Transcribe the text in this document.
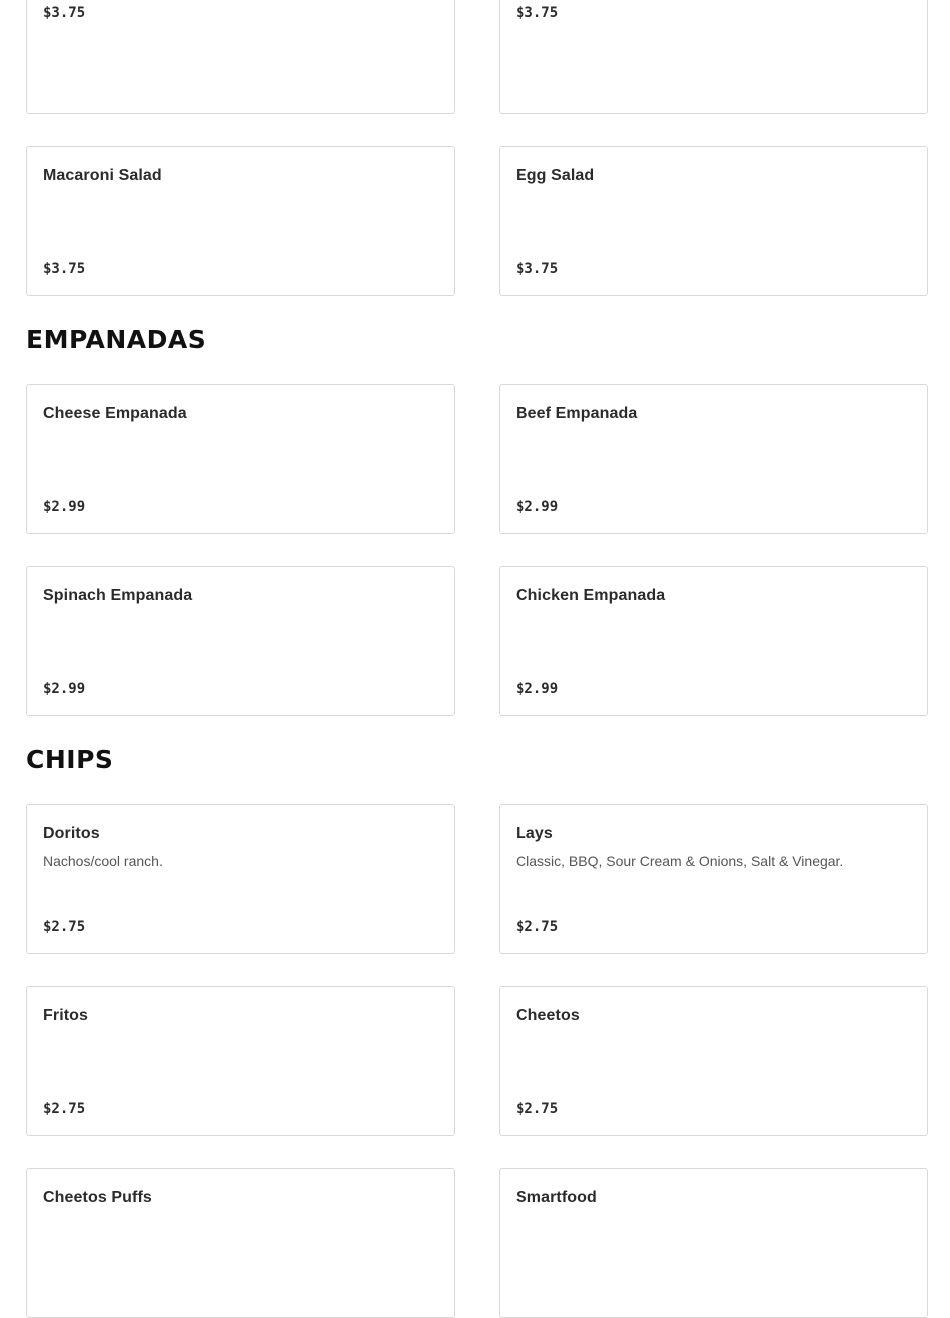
$3.75	$3.75
Macaroni Salad
$3.75
Egg Salad
$3.75
EMPANADAS
Cheese Empanada
$2.99
Beef Empanada
$2.99
Spinach Empanada
$2.99
Chicken Empanada
$2.99
CHIPS
Doritos
Nachos/cool ranch.
$2.75
Lays
Classic, BBQ, Sour Cream & Onions, Salt & Vinegar.
$2.75
Fritos
$2.75
Cheetos
$2.75
Cheetos Puffs	Smartfood
